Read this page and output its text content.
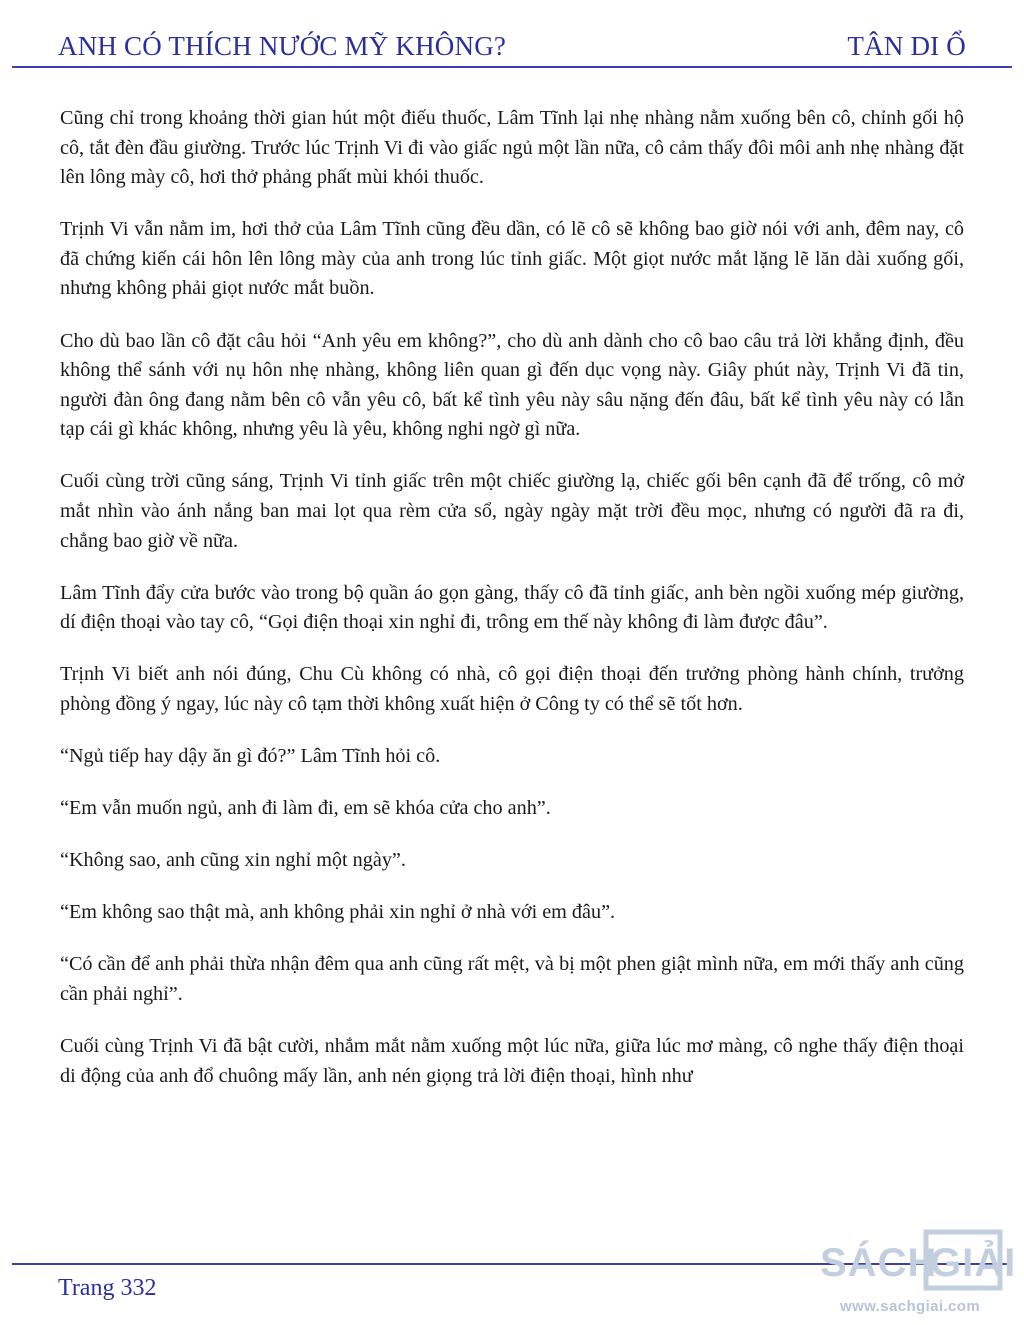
ANH CÓ THÍCH NƯỚC MỸ KHÔNG?	TÂN DI Ổ

Cũng chỉ trong khoảng thời gian hút một điếu thuốc, Lâm Tĩnh lại nhẹ nhàng nằm xuống bên cô, chỉnh gối hộ cô, tắt đèn đầu giường. Trước lúc Trịnh Vi đi vào giấc ngủ một lần nữa, cô cảm thấy đôi môi anh nhẹ nhàng đặt lên lông mày cô, hơi thở phảng phất mùi khói thuốc.

Trịnh Vi vẫn nằm im, hơi thở của Lâm Tĩnh cũng đều dần, có lẽ cô sẽ không bao giờ nói với anh, đêm nay, cô đã chứng kiến cái hôn lên lông mày của anh trong lúc tỉnh giấc. Một giọt nước mắt lặng lẽ lăn dài xuống gối, nhưng không phải giọt nước mắt buồn.

Cho dù bao lần cô đặt câu hỏi “Anh yêu em không?”, cho dù anh dành cho cô bao câu trả lời khẳng định, đều không thể sánh với nụ hôn nhẹ nhàng, không liên quan gì đến dục vọng này. Giây phút này, Trịnh Vi đã tin, người đàn ông đang nằm bên cô vẫn yêu cô, bất kể tình yêu này sâu nặng đến đâu, bất kể tình yêu này có lẫn tạp cái gì khác không, nhưng yêu là yêu, không nghi ngờ gì nữa.

Cuối cùng trời cũng sáng, Trịnh Vi tỉnh giấc trên một chiếc giường lạ, chiếc gối bên cạnh đã để trống, cô mở mắt nhìn vào ánh nắng ban mai lọt qua rèm cửa sổ, ngày ngày mặt trời đều mọc, nhưng có người đã ra đi, chẳng bao giờ về nữa.

Lâm Tĩnh đẩy cửa bước vào trong bộ quần áo gọn gàng, thấy cô đã tỉnh giấc, anh bèn ngồi xuống mép giường, dí điện thoại vào tay cô, “Gọi điện thoại xin nghỉ đi, trông em thế này không đi làm được đâu”.

Trịnh Vi biết anh nói đúng, Chu Cù không có nhà, cô gọi điện thoại đến trưởng phòng hành chính, trưởng phòng đồng ý ngay, lúc này cô tạm thời không xuất hiện ở Công ty có thể sẽ tốt hơn.

“Ngủ tiếp hay dậy ăn gì đó?” Lâm Tĩnh hỏi cô.

“Em vẫn muốn ngủ, anh đi làm đi, em sẽ khóa cửa cho anh”.

“Không sao, anh cũng xin nghỉ một ngày”.

“Em không sao thật mà, anh không phải xin nghỉ ở nhà với em đâu”.

“Có cần để anh phải thừa nhận đêm qua anh cũng rất mệt, và bị một phen giật mình nữa, em mới thấy anh cũng cần phải nghỉ”.

Cuối cùng Trịnh Vi đã bật cười, nhắm mắt nằm xuống một lúc nữa, giữa lúc mơ màng, cô nghe thấy điện thoại di động của anh đổ chuông mấy lần, anh nén giọng trả lời điện thoại, hình như

Trang 332
SÁCH
GIẢI
www.sachgiai.com
